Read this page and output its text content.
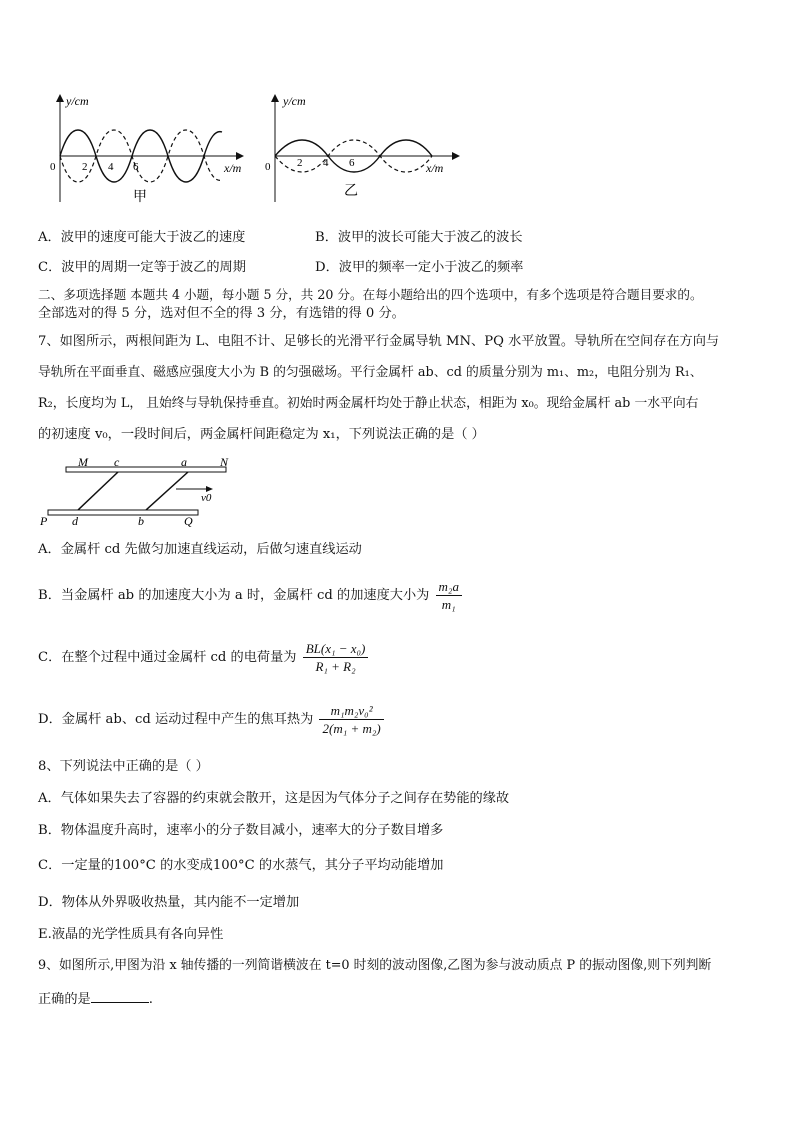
y/cm
x/m
0 2 4 6
甲
y/cm
x/m
0 2 4 6
乙
A．波甲的速度可能大于波乙的速度	B．波甲的波长可能大于波乙的波长
C．波甲的周期一定等于波乙的周期	D．波甲的频率一定小于波乙的频率
二、多项选择题 本题共 4 小题，每小题 5 分，共 20 分。在每小题给出的四个选项中，有多个选项是符合题目要求的。
全部选对的得 5 分，选对但不全的得 3 分，有选错的得 0 分。
7、如图所示，两根间距为 L、电阻不计、足够长的光滑平行金属导轨 MN、PQ 水平放置。导轨所在空间存在方向与
导轨所在平面垂直、磁感应强度大小为 B 的匀强磁场。平行金属杆 ab、cd 的质量分别为 m₁、m₂，电阻分别为 R₁、
R₂，长度均为 L， 且始终与导轨保持垂直。初始时两金属杆均处于静止状态，相距为 x₀。现给金属杆 ab 一水平向右
的初速度 v₀，一段时间后，两金属杆间距稳定为 x₁，下列说法正确的是（ ）
M c	a	N
v0
P d	b	Q
A．金属杆 cd 先做匀加速直线运动，后做匀速直线运动
B．当金属杆 ab 的加速度大小为 a 时，金属杆 cd 的加速度大小为 $\frac{\text{m₂a}}{\text{m₁}}$
C．在整个过程中通过金属杆 cd 的电荷量为 $\frac{\text{BL(x₁ − x₀)}}{\text{R₁ + R₂}}$
D．金属杆 ab、cd 运动过程中产生的焦耳热为 $\frac{\text{m₁m₂v₀²}}{\text{2(m₁ + m₂)}}$
8、下列说法中正确的是（ ）
A．气体如果失去了容器的约束就会散开，这是因为气体分子之间存在势能的缘故
B．物体温度升高时，速率小的分子数目减小，速率大的分子数目增多
C．一定量的100°C 的水变成100°C 的水蒸气，其分子平均动能增加
D．物体从外界吸收热量，其内能不一定增加
E.液晶的光学性质具有各向异性
9、如图所示,甲图为沿 x 轴传播的一列简谐横波在 t=0 时刻的波动图像,乙图为参与波动质点 P 的振动图像,则下列判断
正确的是	.
